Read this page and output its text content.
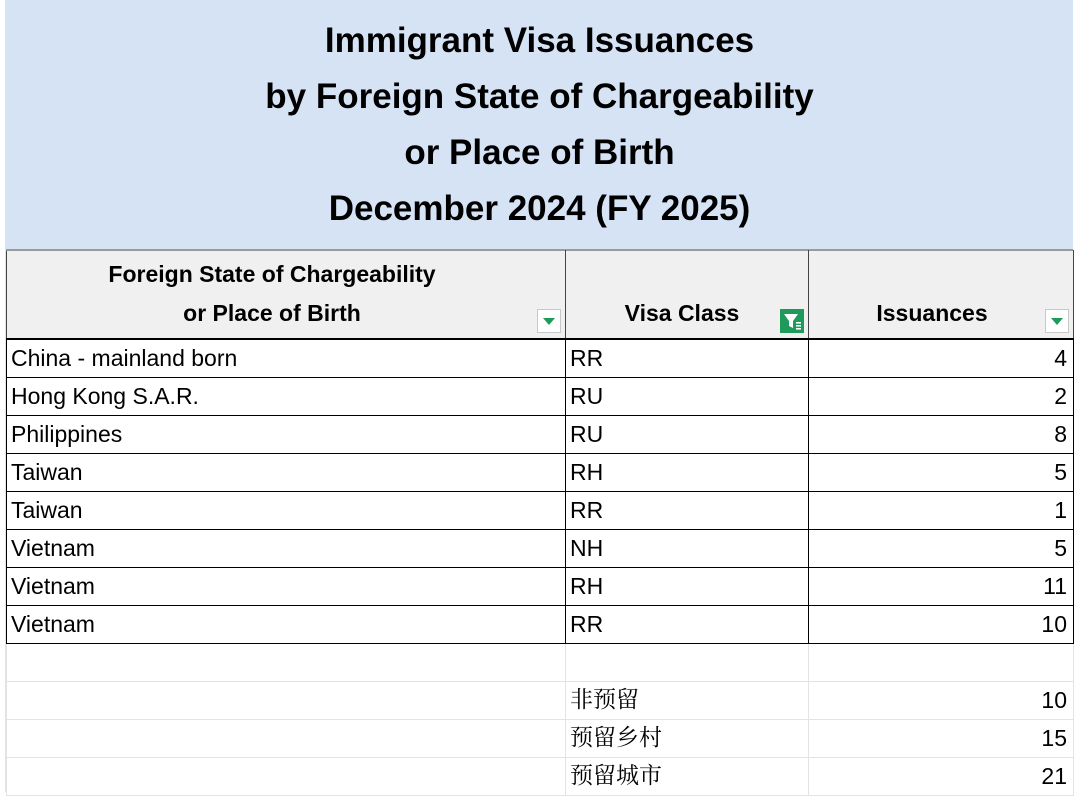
Immigrant Visa Issuances
by Foreign State of Chargeability
or Place of Birth
December 2024 (FY 2025)
Foreign State of Chargeability
or Place of Birth	Visa Class	Issuances

China - mainland born	RR	4
Hong Kong S.A.R.	RU	2
Philippines	RU	8
Taiwan	RH	5
Taiwan	RR	1
Vietnam	NH	5
Vietnam	RH	11
Vietnam	RR	10

	非预留	10
	预留乡村	15
	预留城市	21
